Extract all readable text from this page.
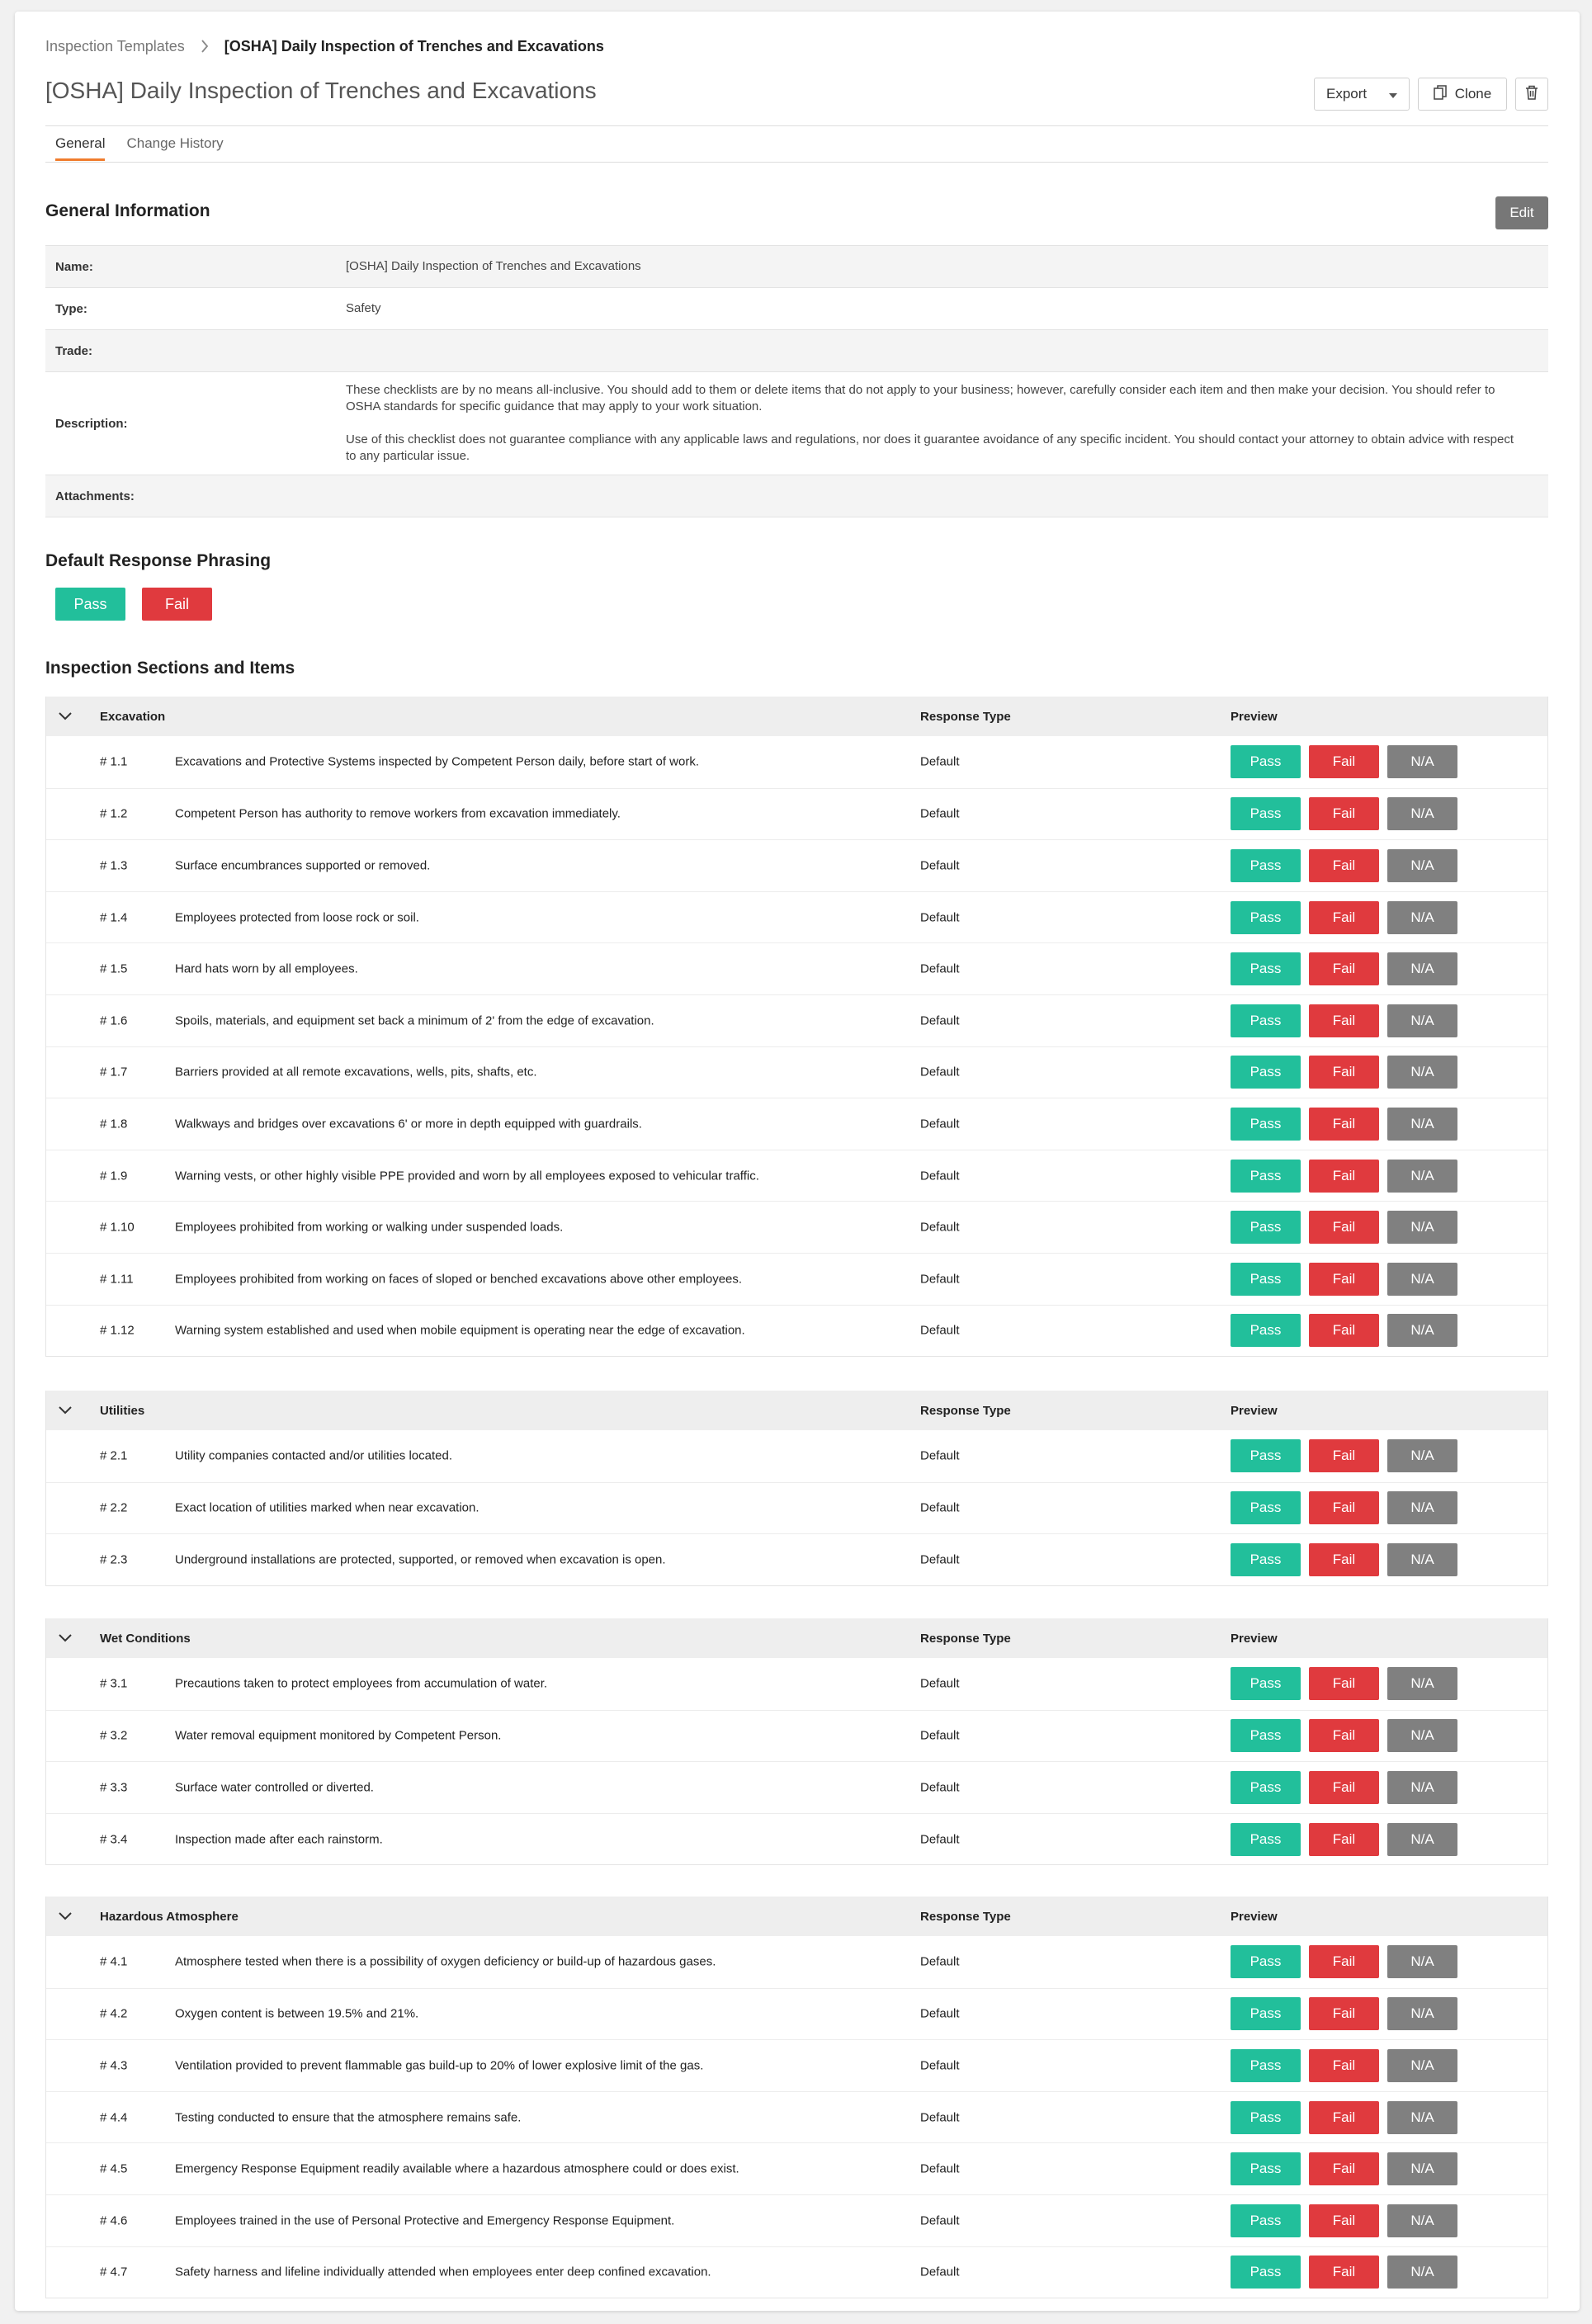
Inspection Templates	[OSHA] Daily Inspection of Trenches and Excavations
[OSHA] Daily Inspection of Trenches and Excavations	Export	Clone
General Change History
General Information	Edit
Name:	[OSHA] Daily Inspection of Trenches and Excavations
Type:	Safety
Trade:
Description:

These checklists are by no means all-inclusive. You should add to them or delete items that do not apply to your business; however, carefully consider each item and then make your decision. You should refer to OSHA standards for specific guidance that may apply to your work situation.

Use of this checklist does not guarantee compliance with any applicable laws and regulations, nor does it guarantee avoidance of any specific incident. You should contact your attorney to obtain advice with respect to any particular issue.

Attachments:
Default Response Phrasing
Pass	Fail
Inspection Sections and Items
Excavation	Response Type	Preview
# 1.1	Excavations and Protective Systems inspected by Competent Person daily, before start of work.	Default	Pass	Fail	N/A
# 1.2	Competent Person has authority to remove workers from excavation immediately.	Default	Pass	Fail	N/A
# 1.3	Surface encumbrances supported or removed.	Default	Pass	Fail	N/A
# 1.4	Employees protected from loose rock or soil.	Default	Pass	Fail	N/A
# 1.5	Hard hats worn by all employees.	Default	Pass	Fail	N/A
# 1.6	Spoils, materials, and equipment set back a minimum of 2' from the edge of excavation.	Default	Pass	Fail	N/A
# 1.7	Barriers provided at all remote excavations, wells, pits, shafts, etc.	Default	Pass	Fail	N/A
# 1.8	Walkways and bridges over excavations 6' or more in depth equipped with guardrails.	Default	Pass	Fail	N/A
# 1.9	Warning vests, or other highly visible PPE provided and worn by all employees exposed to vehicular traffic.	Default	Pass	Fail	N/A
# 1.10	Employees prohibited from working or walking under suspended loads.	Default	Pass	Fail	N/A
# 1.11	Employees prohibited from working on faces of sloped or benched excavations above other employees.	Default	Pass	Fail	N/A
# 1.12	Warning system established and used when mobile equipment is operating near the edge of excavation.	Default	Pass	Fail	N/A
Utilities	Response Type	Preview
# 2.1	Utility companies contacted and/or utilities located.	Default	Pass	Fail	N/A
# 2.2	Exact location of utilities marked when near excavation.	Default	Pass	Fail	N/A
# 2.3	Underground installations are protected, supported, or removed when excavation is open.	Default	Pass	Fail	N/A
Wet Conditions	Response Type	Preview
# 3.1	Precautions taken to protect employees from accumulation of water.	Default	Pass	Fail	N/A
# 3.2	Water removal equipment monitored by Competent Person.	Default	Pass	Fail	N/A
# 3.3	Surface water controlled or diverted.	Default	Pass	Fail	N/A
# 3.4	Inspection made after each rainstorm.	Default	Pass	Fail	N/A
Hazardous Atmosphere	Response Type	Preview
# 4.1	Atmosphere tested when there is a possibility of oxygen deficiency or build-up of hazardous gases.	Default	Pass	Fail	N/A
# 4.2	Oxygen content is between 19.5% and 21%.	Default	Pass	Fail	N/A
# 4.3	Ventilation provided to prevent flammable gas build-up to 20% of lower explosive limit of the gas.	Default	Pass	Fail	N/A
# 4.4	Testing conducted to ensure that the atmosphere remains safe.	Default	Pass	Fail	N/A
# 4.5	Emergency Response Equipment readily available where a hazardous atmosphere could or does exist.	Default	Pass	Fail	N/A
# 4.6	Employees trained in the use of Personal Protective and Emergency Response Equipment.	Default	Pass	Fail	N/A
# 4.7	Safety harness and lifeline individually attended when employees enter deep confined excavation.	Default	Pass	Fail	N/A
